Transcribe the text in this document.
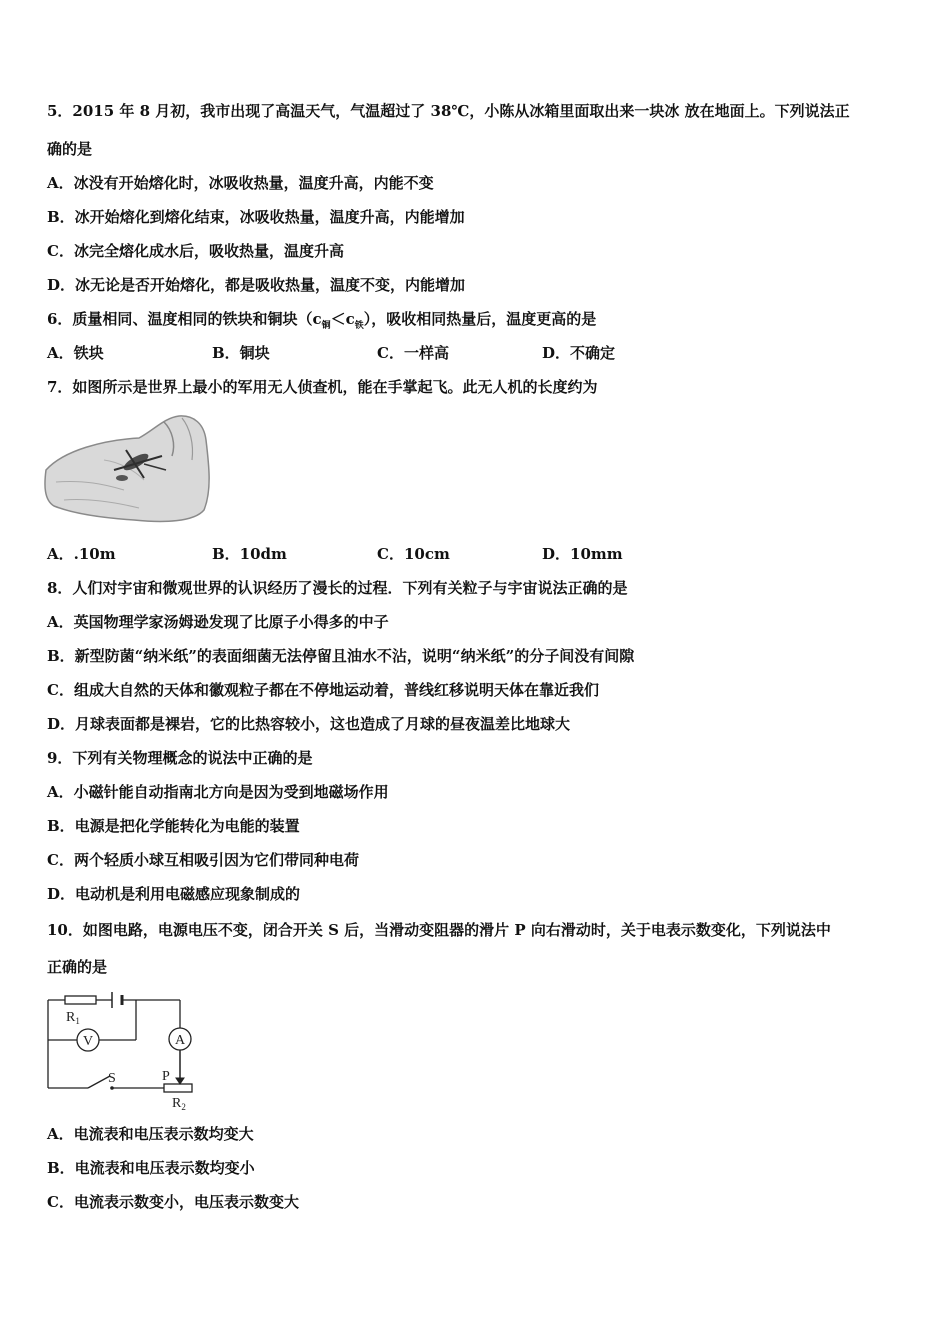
5．2015 年 8 月初，我市出现了高温天气，气温超过了 38℃，小陈从冰箱里面取出来一块冰 放在地面上。下列说法正
确的是
A．冰没有开始熔化时，冰吸收热量，温度升高，内能不变
B．冰开始熔化到熔化结束，冰吸收热量，温度升高，内能增加
C．冰完全熔化成水后，吸收热量，温度升高
D．冰无论是否开始熔化，都是吸收热量，温度不变，内能增加
6．质量相同、温度相同的铁块和铜块$(c_铜<c_铁)$，吸收相同热量后，温度更高的是
A．铁块	B．铜块	C．一样高	D．不确定
7．如图所示是世界上最小的军用无人侦查机，能在手掌起飞。此无人机的长度约为
A．.10m	B．10dm	C．10cm	D．10mm
8．人们对宇宙和微观世界的认识经历了漫长的过程．下列有关粒子与宇宙说法正确的是
A．英国物理学家汤姆逊发现了比原子小得多的中子
B．新型防菌“纳米纸”的表面细菌无法停留且油水不沾，说明“纳米纸”的分子间没有间隙
C．组成大自然的天体和徽观粒子都在不停地运动着，普线红移说明天体在靠近我们
D．月球表面都是裸岩，它的比热容较小，这也造成了月球的昼夜温差比地球大
9．下列有关物理概念的说法中正确的是
A．小磁针能自动指南北方向是因为受到地磁场作用
B．电源是把化学能转化为电能的装置
C．两个轻质小球互相吸引因为它们带同种电荷
D．电动机是利用电磁感应现象制成的
10．如图电路，电源电压不变，闭合开关 S 后，当滑动变阻器的滑片 P 向右滑动时，关于电表示数变化，下列说法中
正确的是
V	A
$R_1$
S	P
$R_2$
A．电流表和电压表示数均变大
B．电流表和电压表示数均变小
C．电流表示数变小，电压表示数变大
